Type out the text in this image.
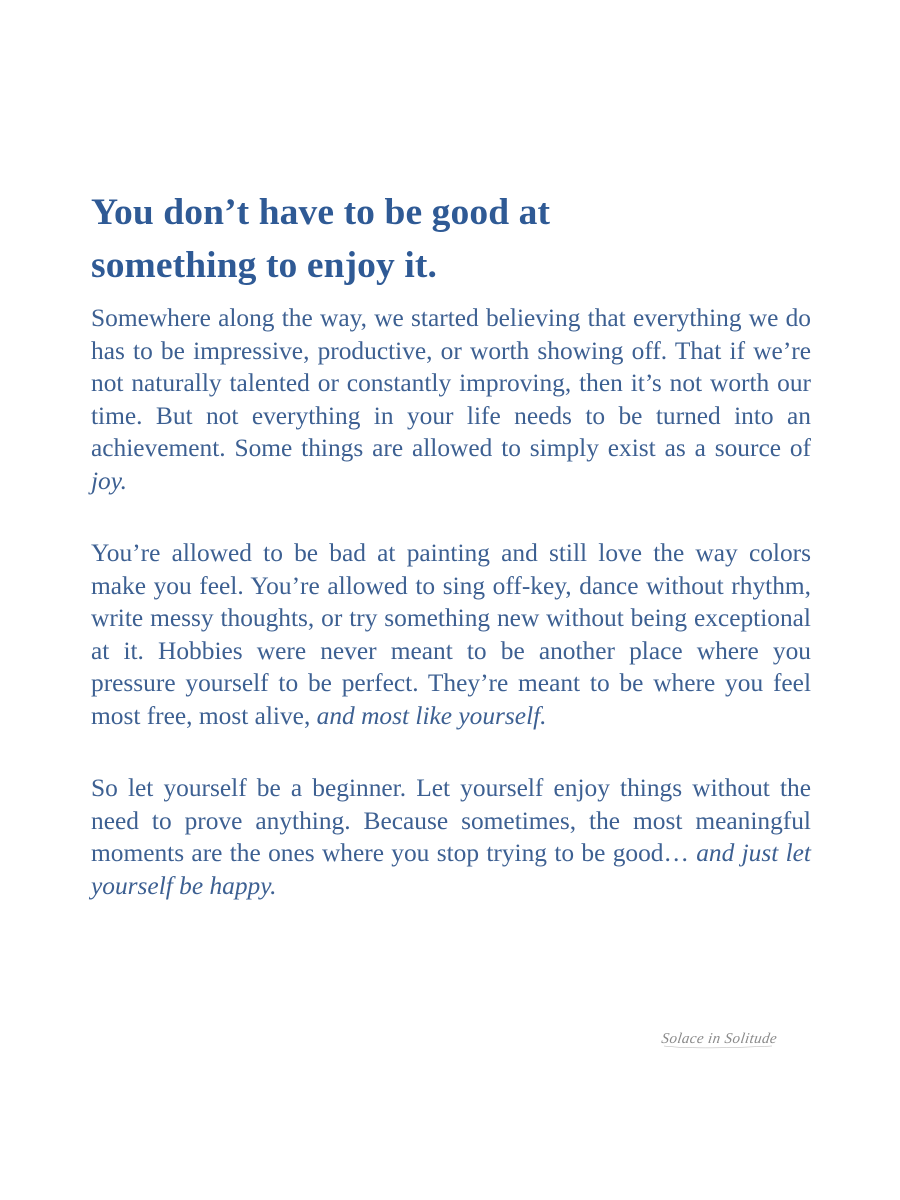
You don’t have to be good at
something to enjoy it.

Somewhere along the way, we started believing that everything we do has to be impressive, productive, or worth showing off. That if we’re not naturally talented or constantly improving, then it’s not worth our time. But not everything in your life needs to be turned into an achievement. Some things are allowed to simply exist as a source of joy.

You’re allowed to be bad at painting and still love the way colors make you feel. You’re allowed to sing off-key, dance without rhythm, write messy thoughts, or try something new without being exceptional at it. Hobbies were never meant to be another place where you pressure yourself to be perfect. They’re meant to be where you feel most free, most alive, and most like yourself.

So let yourself be a beginner. Let yourself enjoy things without the need to prove anything. Because sometimes, the most meaningful moments are the ones where you stop trying to be good… and just let yourself be happy.

Solace in Solitude
